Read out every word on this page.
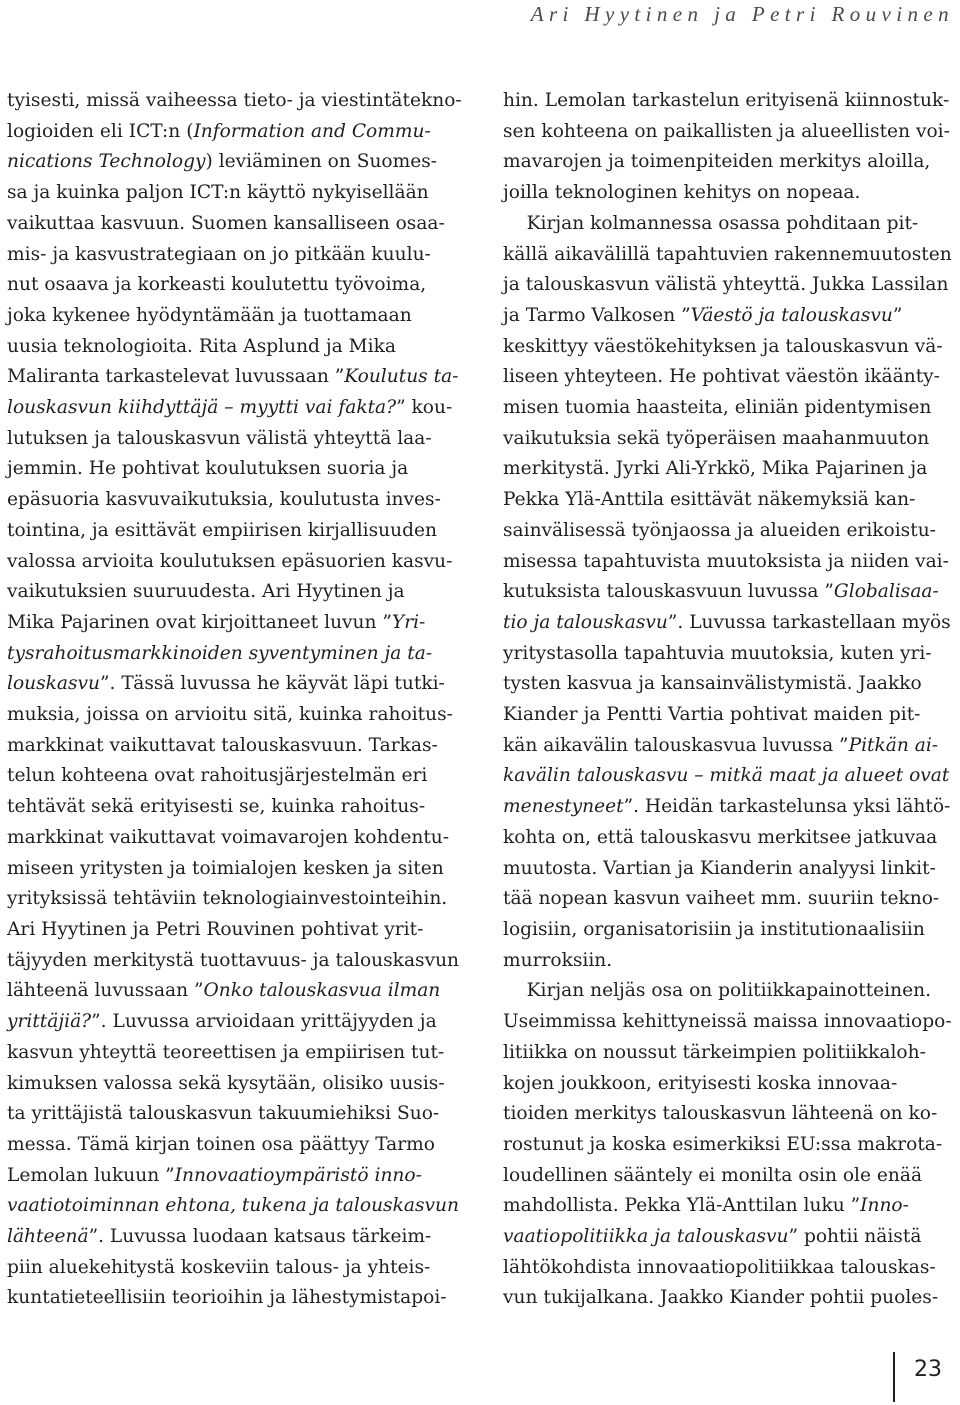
Ari Hyytinen ja Petri Rouvinen

tyisesti, missä vaiheessa tieto- ja viestintätekno-
logioiden eli ICT:n (Information and Commu-
nications Technology) leviäminen on Suomes-
sa ja kuinka paljon ICT:n käyttö nykyisellään
vaikuttaa kasvuun. Suomen kansalliseen osaa-
mis- ja kasvustrategiaan on jo pitkään kuulu-
nut osaava ja korkeasti koulutettu työvoima,
joka kykenee hyödyntämään ja tuottamaan
uusia teknologioita. Rita Asplund ja Mika
Maliranta tarkastelevat luvussaan ”Koulutus ta-
louskasvun kiihdyttäjä – myytti vai fakta?” kou-
lutuksen ja talouskasvun välistä yhteyttä laa-
jemmin. He pohtivat koulutuksen suoria ja
epäsuoria kasvuvaikutuksia, koulutusta inves-
tointina, ja esittävät empiirisen kirjallisuuden
valossa arvioita koulutuksen epäsuorien kasvu-
vaikutuksien suuruudesta. Ari Hyytinen ja
Mika Pajarinen ovat kirjoittaneet luvun ”Yri-
tysrahoitusmarkkinoiden syventyminen ja ta-
louskasvu”. Tässä luvussa he käyvät läpi tutki-
muksia, joissa on arvioitu sitä, kuinka rahoitus-
markkinat vaikuttavat talouskasvuun. Tarkas-
telun kohteena ovat rahoitusjärjestelmän eri
tehtävät sekä erityisesti se, kuinka rahoitus-
markkinat vaikuttavat voimavarojen kohdentu-
miseen yritysten ja toimialojen kesken ja siten
yrityksissä tehtäviin teknologiainvestointeihin.
Ari Hyytinen ja Petri Rouvinen pohtivat yrit-
täjyyden merkitystä tuottavuus- ja talouskasvun
lähteenä luvussaan ”Onko talouskasvua ilman
yrittäjiä?”. Luvussa arvioidaan yrittäjyyden ja
kasvun yhteyttä teoreettisen ja empiirisen tut-
kimuksen valossa sekä kysytään, olisiko uusis-
ta yrittäjistä talouskasvun takuumiehiksi Suo-
messa. Tämä kirjan toinen osa päättyy Tarmo
Lemolan lukuun ”Innovaatioympäristö inno-
vaatiotoiminnan ehtona, tukena ja talouskasvun
lähteenä”. Luvussa luodaan katsaus tärkeim-
piin aluekehitystä koskeviin talous- ja yhteis-
kuntatieteellisiin teorioihin ja lähestymistapoi-

hin. Lemolan tarkastelun erityisenä kiinnostuk-
sen kohteena on paikallisten ja alueellisten voi-
mavarojen ja toimenpiteiden merkitys aloilla,
joilla teknologinen kehitys on nopeaa.
Kirjan kolmannessa osassa pohditaan pit-
källä aikavälillä tapahtuvien rakennemuutosten
ja talouskasvun välistä yhteyttä. Jukka Lassilan
ja Tarmo Valkosen ”Väestö ja talouskasvu”
keskittyy väestökehityksen ja talouskasvun vä-
liseen yhteyteen. He pohtivat väestön ikäänty-
misen tuomia haasteita, eliniän pidentymisen
vaikutuksia sekä työperäisen maahanmuuton
merkitystä. Jyrki Ali-Yrkkö, Mika Pajarinen ja
Pekka Ylä-Anttila esittävät näkemyksiä kan-
sainvälisessä työnjaossa ja alueiden erikoistu-
misessa tapahtuvista muutoksista ja niiden vai-
kutuksista talouskasvuun luvussa ”Globalisaa-
tio ja talouskasvu”. Luvussa tarkastellaan myös
yritystasolla tapahtuvia muutoksia, kuten yri-
tysten kasvua ja kansainvälistymistä. Jaakko
Kiander ja Pentti Vartia pohtivat maiden pit-
kän aikavälin talouskasvua luvussa ”Pitkän ai-
kavälin talouskasvu – mitkä maat ja alueet ovat
menestyneet”. Heidän tarkastelunsa yksi lähtö-
kohta on, että talouskasvu merkitsee jatkuvaa
muutosta. Vartian ja Kianderin analyysi linkit-
tää nopean kasvun vaiheet mm. suuriin tekno-
logisiin, organisatorisiin ja institutionaalisiin
murroksiin.
Kirjan neljäs osa on politiikkapainotteinen.
Useimmissa kehittyneissä maissa innovaatiopo-
litiikka on noussut tärkeimpien politiikkaloh-
kojen joukkoon, erityisesti koska innovaa-
tioiden merkitys talouskasvun lähteenä on ko-
rostunut ja koska esimerkiksi EU:ssa makrota-
loudellinen sääntely ei monilta osin ole enää
mahdollista. Pekka Ylä-Anttilan luku ”Inno-
vaatiopolitiikka ja talouskasvu” pohtii näistä
lähtökohdista innovaatiopolitiikkaa talouskas-
vun tukijalkana. Jaakko Kiander pohtii puoles-

23
